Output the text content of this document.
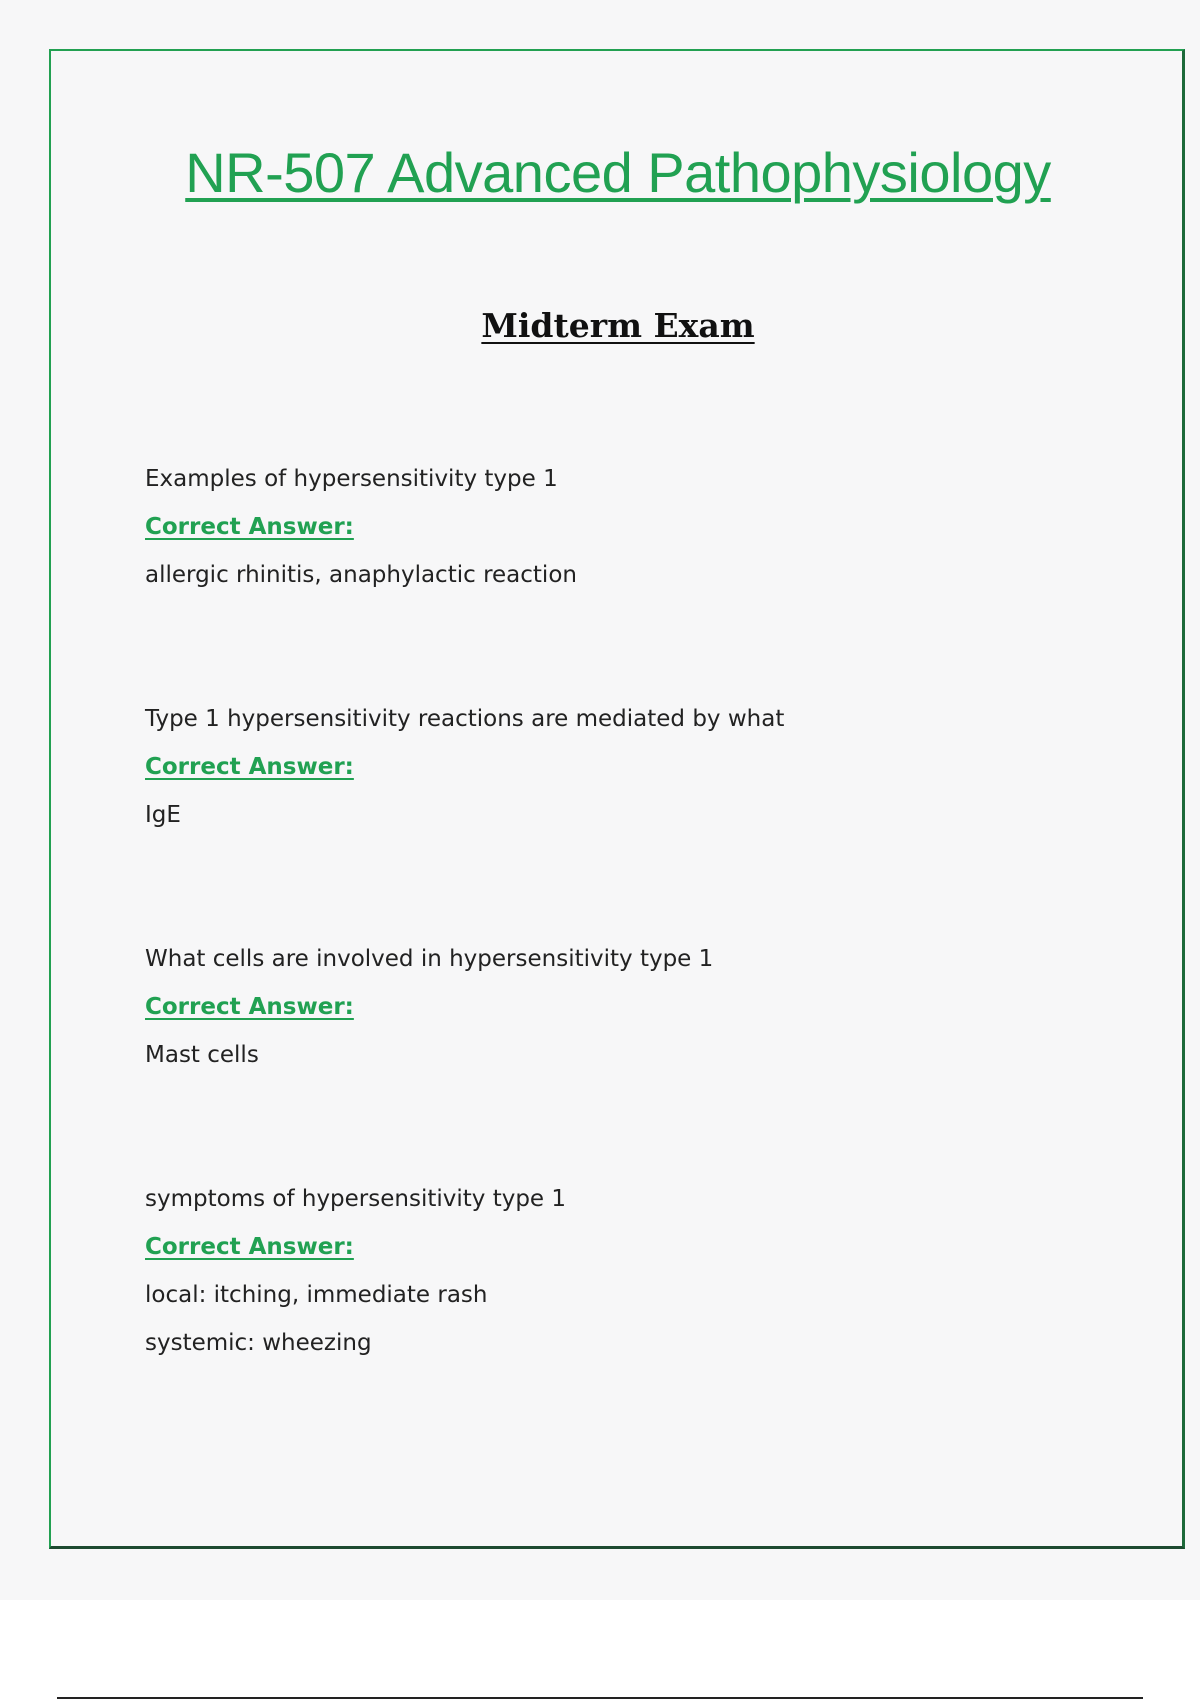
NR-507 Advanced Pathophysiology
Midterm Exam
Examples of hypersensitivity type 1
Correct Answer:
allergic rhinitis, anaphylactic reaction
Type 1 hypersensitivity reactions are mediated by what
Correct Answer:
IgE
What cells are involved in hypersensitivity type 1
Correct Answer:
Mast cells
symptoms of hypersensitivity type 1
Correct Answer:
local: itching, immediate rash
systemic: wheezing
